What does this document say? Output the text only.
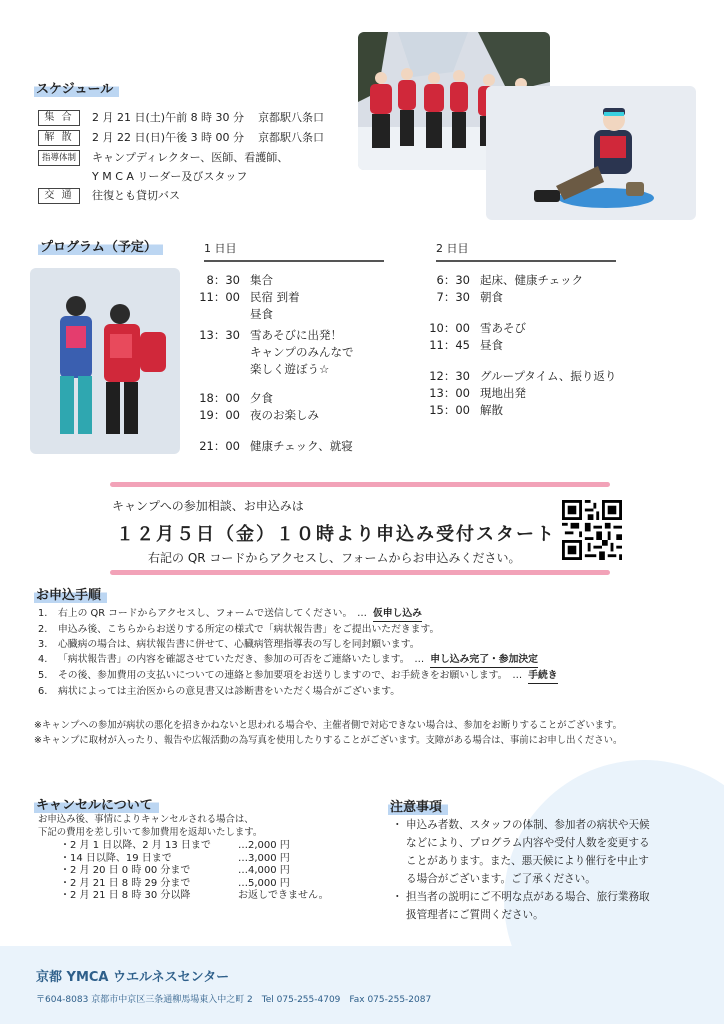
スケジュール
集 合	2 月 21 日(土)午前 8 時 30 分 京都駅八条口
解 散	2 月 22 日(日)午後 3 時 00 分 京都駅八条口
指導体制	キャンプディレクター、医師、看護師、
Y M C A リーダー及びスタッフ
交 通	往復とも貸切バス
プログラム（予定）	1 日目	2 日目
8：30 集合
11：00 民宿 到着
昼食
13：30 雪あそびに出発！
キャンプのみんなで
楽しく遊ぼう☆
18：00 夕食
19：00 夜のお楽しみ
21：00 健康チェック、就寝
6：30 起床、健康チェック
7：30 朝食
10：00 雪あそび
11：45 昼食
12：30 グループタイム、振り返り
13：00 現地出発
15：00 解散
キャンプへの参加相談、お申込みは
１２月５日（金）１０時より申込み受付スタート
右記の QR コードからアクセスし、フォームからお申込みください。
お申込手順
1.	右上の QR コードからアクセスし、フォームで送信してください。　… 仮申し込み
2.	申込み後、こちらからお送りする所定の様式で「病状報告書」をご提出いただきます。
3.	心臓病の場合は、病状報告書に併せて、心臓病管理指導表の写しを同封願います。
4.	「病状報告書」の内容を確認させていただき、参加の可否をご連絡いたします。　… 申し込み完了・参加決定
5.	その後、参加費用の支払いについての連絡と参加要項をお送りしますので、お手続きをお願いします。　… 手続き
6.	病状によっては主治医からの意見書又は診断書をいただく場合がございます。
※キャンプへの参加が病状の悪化を招きかねないと思われる場合や、主催者側で対応できない場合は、参加をお断りすることがございます。
※キャンプに取材が入ったり、報告や広報活動の為写真を使用したりすることがございます。支障がある場合は、事前にお申し出ください。
キャンセルについて
お申込み後、事情によりキャンセルされる場合は、
下記の費用を差し引いて参加費用を返却いたします。
・2 月 1 日以降、2 月 13 日まで	…2,000 円
・14 日以降、19 日まで	…3,000 円
・2 月 20 日 0 時 00 分まで	…4,000 円
・2 月 21 日 8 時 29 分まで	…5,000 円
・2 月 21 日 8 時 30 分以降	お返しできません。
注意事項
・ 申込み者数、スタッフの体制、参加者の病状や天候
などにより、プログラム内容や受付人数を変更する
ことがあります。また、悪天候により催行を中止す
る場合がございます。ご了承ください。
・ 担当者の説明にご不明な点がある場合、旅行業務取
扱管理者にご質問ください。
京都 YMCA ウエルネスセンター
〒604-8083 京都市中京区三条通柳馬場東入中之町 2　Tel 075-255-4709　Fax 075-255-2087
